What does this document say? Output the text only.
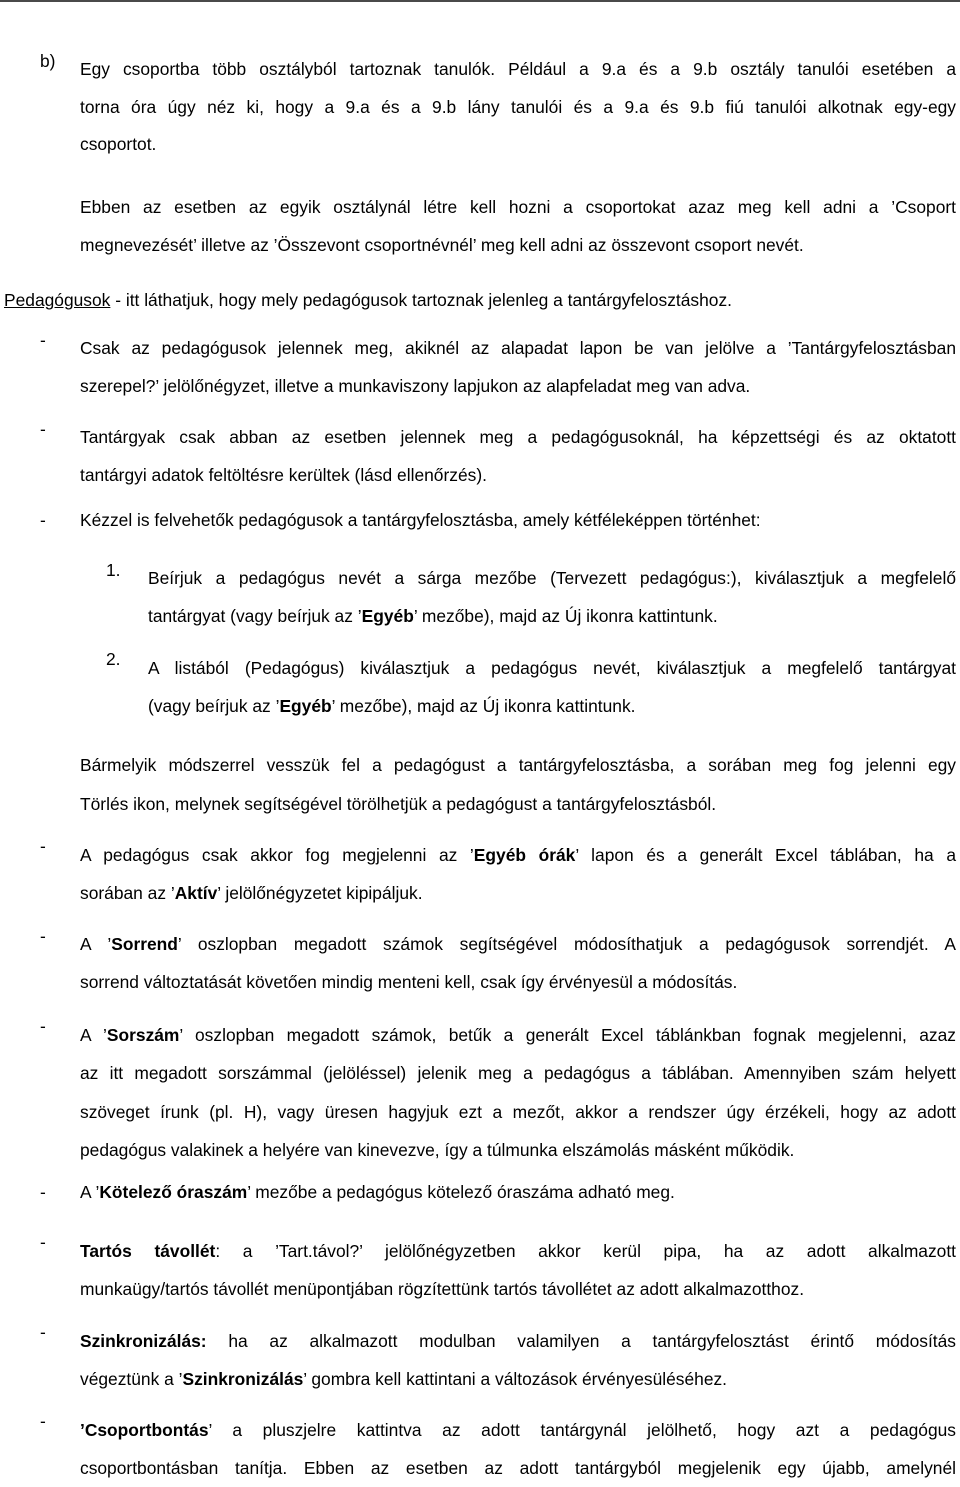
b) Egy csoportba több osztályból tartoznak tanulók. Például a 9.a és a 9.b osztály tanulói esetében a
torna óra úgy néz ki, hogy a 9.a és a 9.b lány tanulói és a 9.a és 9.b fiú tanulói alkotnak egy-egy
csoportot.
Ebben az esetben az egyik osztálynál létre kell hozni a csoportokat azaz meg kell adni a ’Csoport
megnevezését’ illetve az ’Összevont csoportnévnél’ meg kell adni az összevont csoport nevét.
Pedagógusok - itt láthatjuk, hogy mely pedagógusok tartoznak jelenleg a tantárgyfelosztáshoz.
- Csak az pedagógusok jelennek meg, akiknél az alapadat lapon be van jelölve a ’Tantárgyfelosztásban
szerepel?’ jelölőnégyzet, illetve a munkaviszony lapjukon az alapfeladat meg van adva.
- Tantárgyak csak abban az esetben jelennek meg a pedagógusoknál, ha képzettségi és az oktatott
tantárgyi adatok feltöltésre kerültek (lásd ellenőrzés).
- Kézzel is felvehetők pedagógusok a tantárgyfelosztásba, amely kétféleképpen történhet:
1. Beírjuk a pedagógus nevét a sárga mezőbe (Tervezett pedagógus:), kiválasztjuk a megfelelő
tantárgyat (vagy beírjuk az ’Egyéb’ mezőbe), majd az Új ikonra kattintunk.
2. A listából (Pedagógus) kiválasztjuk a pedagógus nevét, kiválasztjuk a megfelelő tantárgyat
(vagy beírjuk az ’Egyéb’ mezőbe), majd az Új ikonra kattintunk.
Bármelyik módszerrel vesszük fel a pedagógust a tantárgyfelosztásba, a sorában meg fog jelenni egy
Törlés ikon, melynek segítségével törölhetjük a pedagógust a tantárgyfelosztásból.
- A pedagógus csak akkor fog megjelenni az ’Egyéb órák’ lapon és a generált Excel táblában, ha a
sorában az ’Aktív’ jelölőnégyzetet kipipáljuk.
- A ’Sorrend’ oszlopban megadott számok segítségével módosíthatjuk a pedagógusok sorrendjét. A
sorrend változtatását követően mindig menteni kell, csak így érvényesül a módosítás.
- A ’Sorszám’ oszlopban megadott számok, betűk a generált Excel táblánkban fognak megjelenni, azaz
az itt megadott sorszámmal (jelöléssel) jelenik meg a pedagógus a táblában. Amennyiben szám helyett
szöveget írunk (pl. H), vagy üresen hagyjuk ezt a mezőt, akkor a rendszer úgy érzékeli, hogy az adott
pedagógus valakinek a helyére van kinevezve, így a túlmunka elszámolás másként működik.
- A ’Kötelező óraszám’ mezőbe a pedagógus kötelező óraszáma adható meg.
- Tartós távollét: a ’Tart.távol?’ jelölőnégyzetben akkor kerül pipa, ha az adott alkalmazott
munkaügy/tartós távollét menüpontjában rögzítettünk tartós távollétet az adott alkalmazotthoz.
- Szinkronizálás: ha az alkalmazott modulban valamilyen a tantárgyfelosztást érintő módosítás
végeztünk a ’Szinkronizálás’ gombra kell kattintani a változások érvényesüléséhez.
- ’Csoportbontás’ a pluszjelre kattintva az adott tantárgynál jelölhető, hogy azt a pedagógus
csoportbontásban tanítja. Ebben az esetben az adott tantárgyból megjelenik egy újabb, amelynél
